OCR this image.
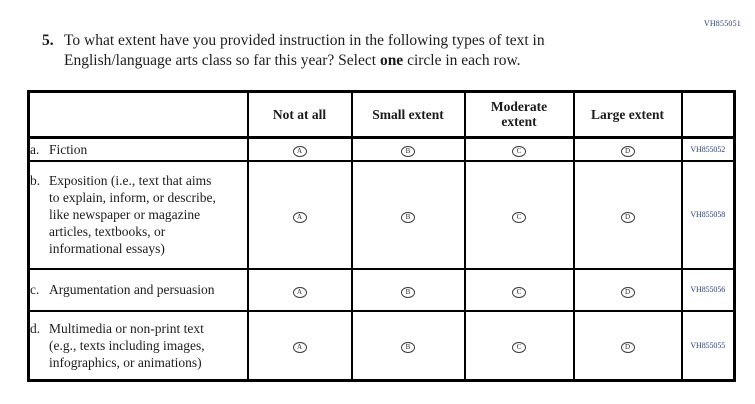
VH855051
5. To what extent have you provided instruction in the following types of text in
English/language arts class so far this year? Select one circle in each row.
	Not at all	Small extent	Moderate extent	Large extent	

a. Fiction	A	B	C	D	VH855052

b. Exposition (i.e., text that aims to explain, inform, or describe, like newspaper or magazine articles, textbooks, or informational essays)	A	B	C	D	VH855058

c. Argumentation and persuasion	A	B	C	D	VH855056

d. Multimedia or non-print text (e.g., texts including images, infographics, or animations)	A	B	C	D	VH855055
